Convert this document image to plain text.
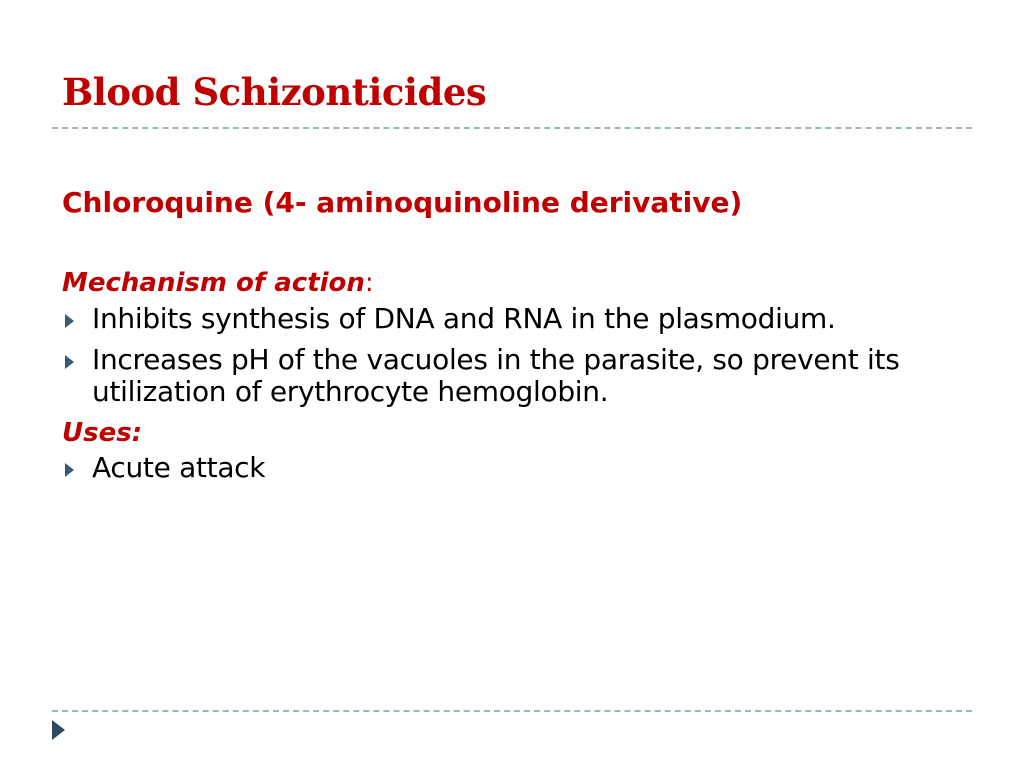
Blood Schizonticides
Chloroquine (4- aminoquinoline derivative)
Mechanism of action:
Inhibits synthesis of DNA and RNA in the plasmodium.
Increases pH of the vacuoles in the parasite, so prevent its utilization of erythrocyte hemoglobin.
Uses:
Acute attack
